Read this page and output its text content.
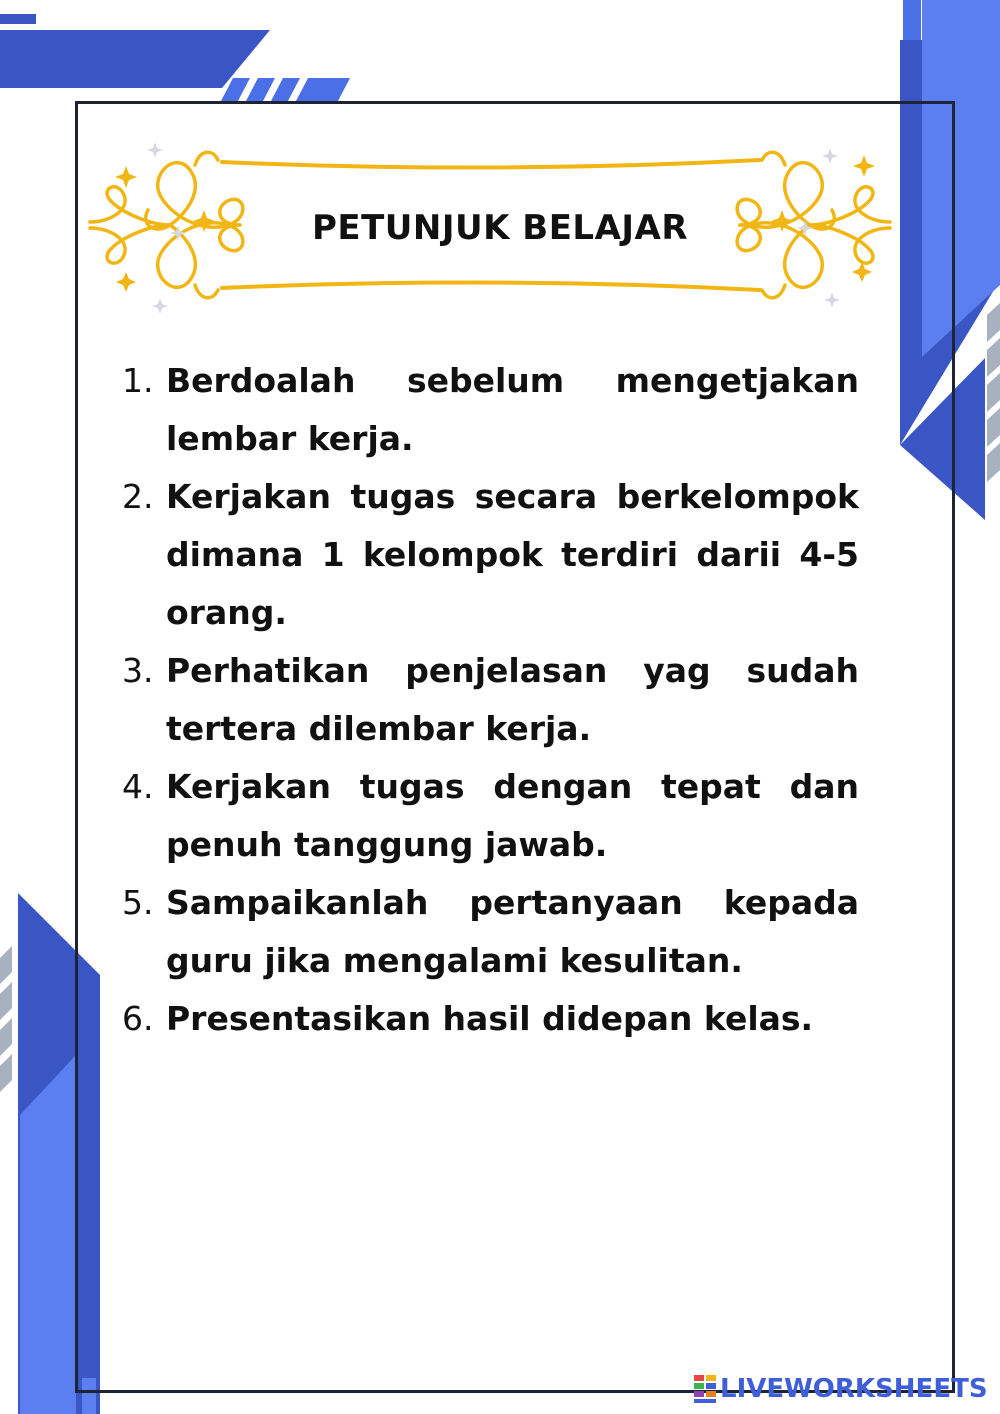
PETUNJUK BELAJAR
1. Berdoalah sebelum mengetjakan lembar kerja.
2. Kerjakan tugas secara berkelompok dimana 1 kelompok terdiri darii 4-5 orang.
3. Perhatikan penjelasan yag sudah tertera dilembar kerja.
4. Kerjakan tugas dengan tepat dan penuh tanggung jawab.
5. Sampaikanlah pertanyaan kepada guru jika mengalami kesulitan.
6. Presentasikan hasil didepan kelas.
LIVEWORKSHEETS
